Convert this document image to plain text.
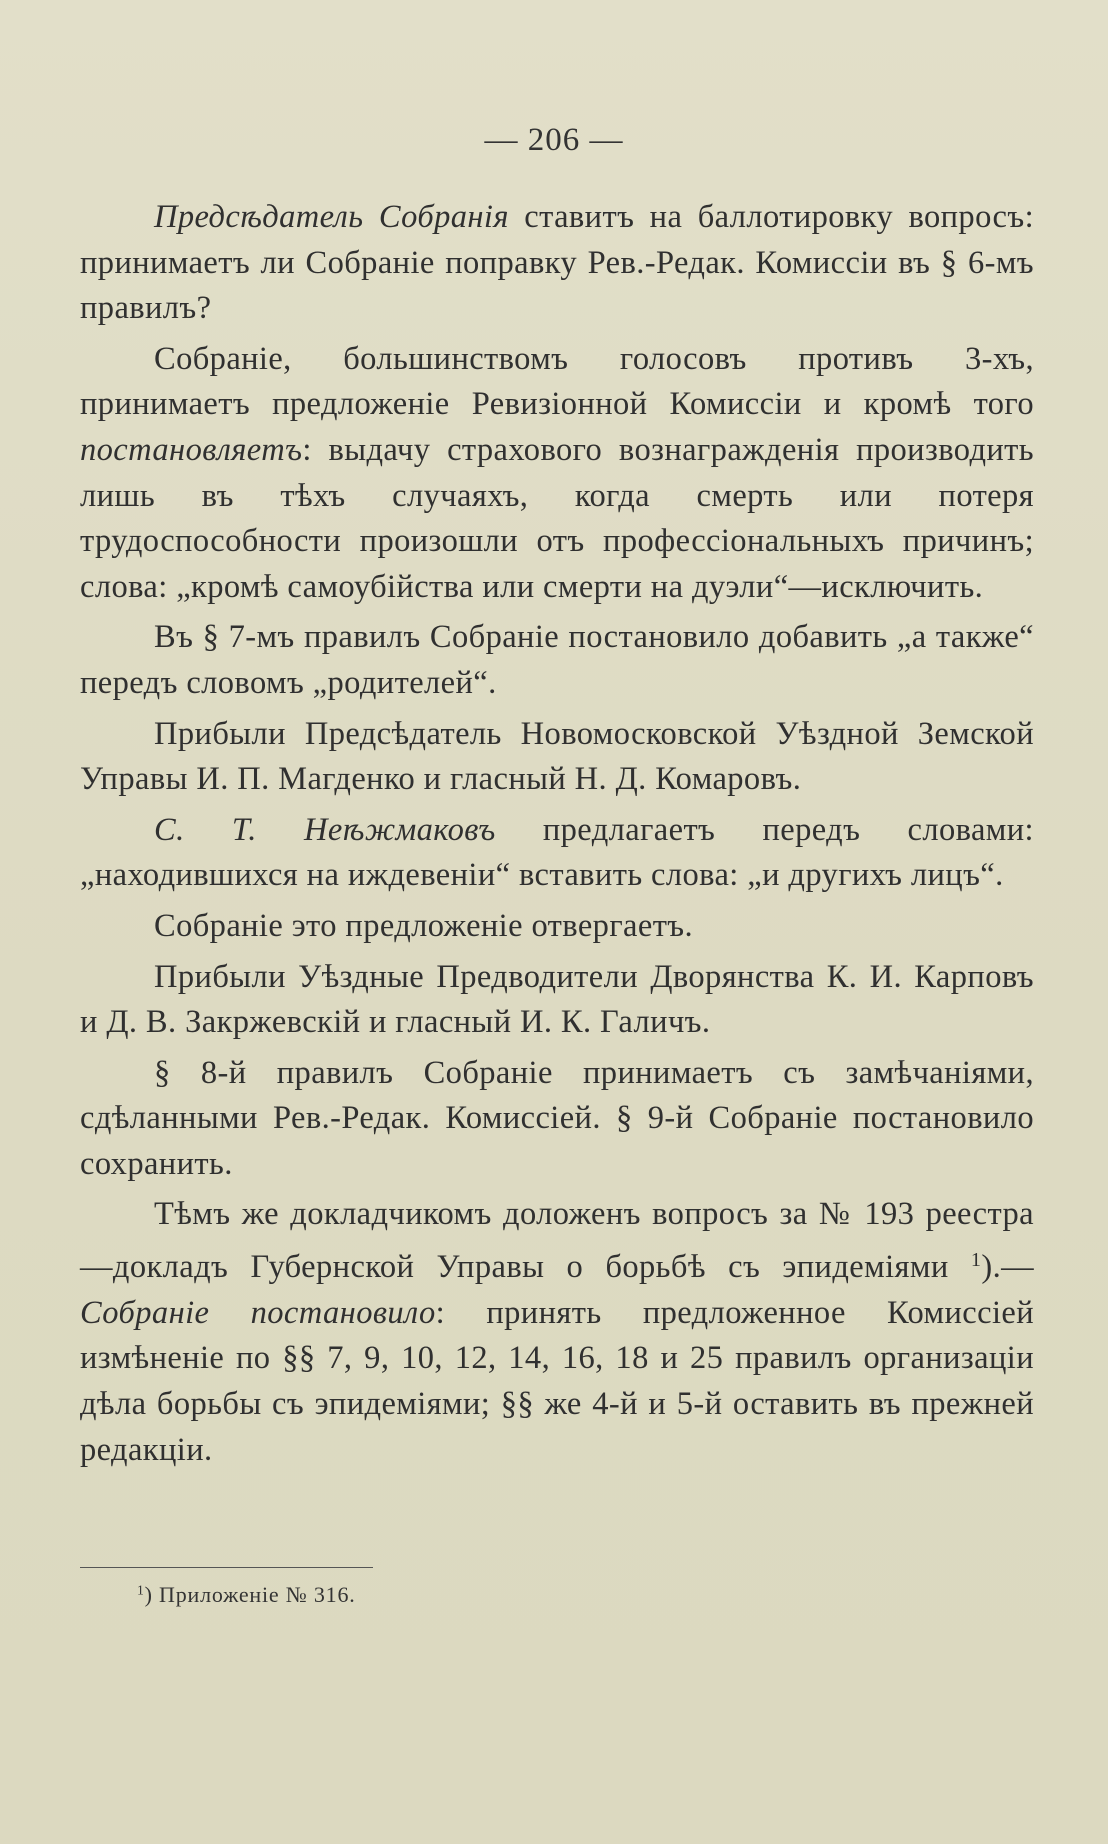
— 206 —

Предсѣдатель Собранія ставитъ на баллотировку вопросъ: принимаетъ ли Собраніе поправку Рев.-Редак. Комиссіи въ § 6-мъ правилъ?

Собраніе, большинствомъ голосовъ противъ 3-хъ, принимаетъ предложеніе Ревизіонной Комиссіи и кромѣ того постановляетъ: выдачу страхового вознагражденія производить лишь въ тѣхъ случаяхъ, когда смерть или потеря трудоспособности произошли отъ профессіональныхъ причинъ; слова: „кромѣ самоубійства или смерти на дуэли“—исключить.

Въ § 7-мъ правилъ Собраніе постановило добавить „а также“ передъ словомъ „родителей“.

Прибыли Предсѣдатель Новомосковской Уѣздной Земской Управы И. П. Магденко и гласный Н. Д. Комаровъ.

С. Т. Неѣжмаковъ предлагаетъ передъ словами: „находившихся на иждевеніи“ вставить слова: „и другихъ лицъ“.

Собраніе это предложеніе отвергаетъ.

Прибыли Уѣздные Предводители Дворянства К. И. Карповъ и Д. В. Закржевскій и гласный И. К. Галичъ.

§ 8-й правилъ Собраніе принимаетъ съ замѣчаніями, сдѣланными Рев.-Редак. Комиссіей. § 9-й Собраніе постановило сохранить.

Тѣмъ же докладчикомъ доложенъ вопросъ за № 193 реестра—докладъ Губернской Управы о борьбѣ съ эпидеміями $^1$).—Собраніе постановило: принять предложенное Комиссіей измѣненіе по §§ 7, 9, 10, 12, 14, 16, 18 и 25 правилъ организаціи дѣла борьбы съ эпидеміями; §§ же 4-й и 5-й оставить въ прежней редакціи.

$^1$) Приложеніе № 316.
